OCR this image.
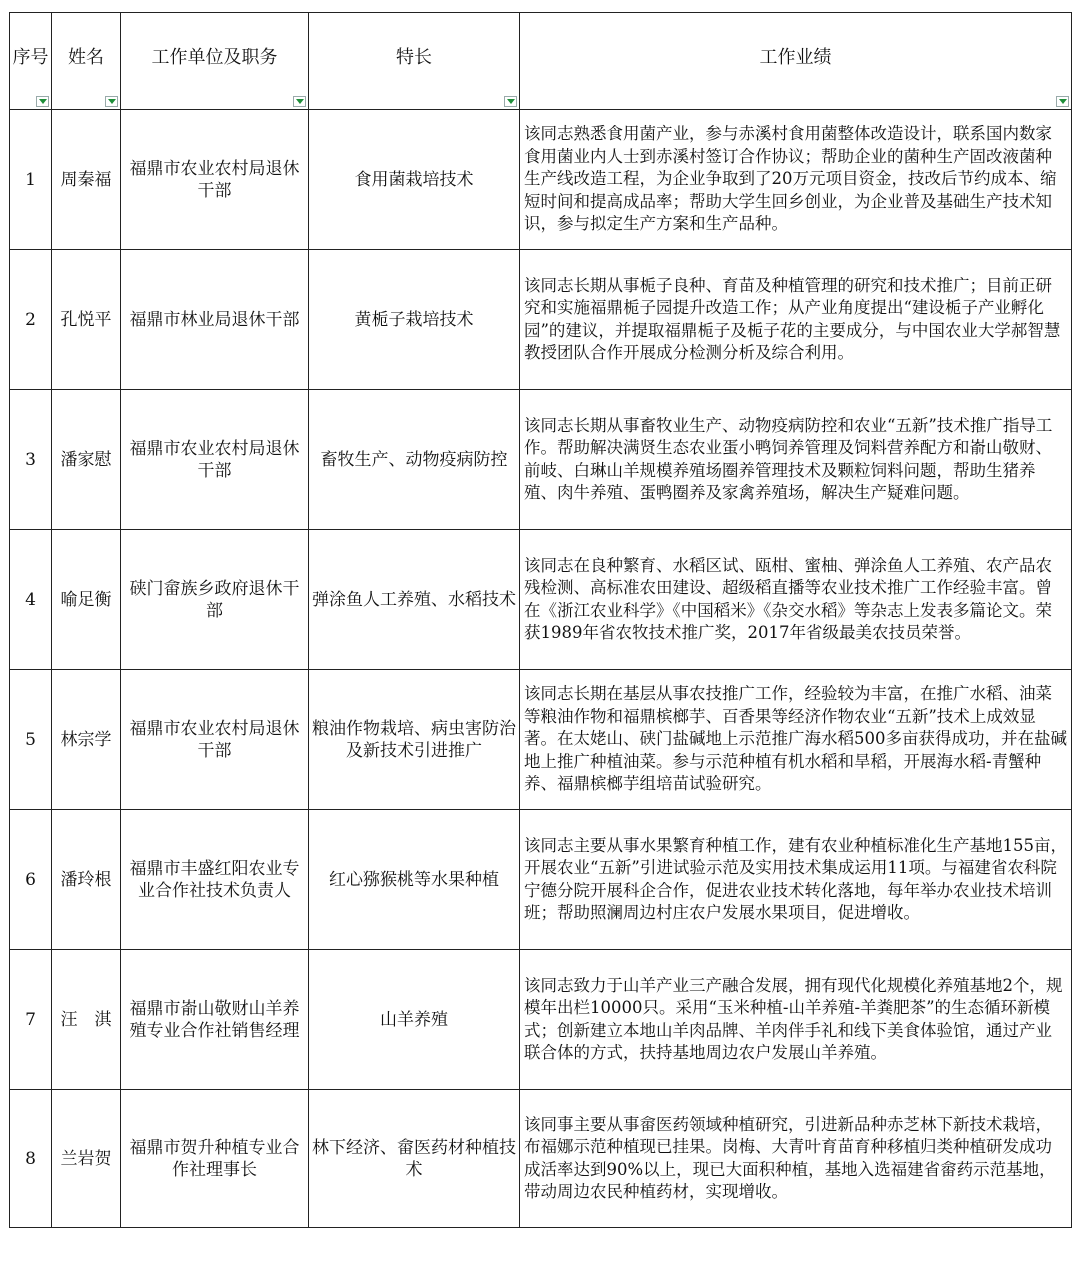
序号	姓名	工作单位及职务	特长	工作业绩

1	周秦福	福鼎市农业农村局退休干部	食用菌栽培技术	该同志熟悉食用菌产业，参与赤溪村食用菌整体改造设计，联系国内数家食用菌业内人士到赤溪村签订合作协议；帮助企业的菌种生产固改液菌种生产线改造工程，为企业争取到了20万元项目资金，技改后节约成本、缩短时间和提高成品率；帮助大学生回乡创业，为企业普及基础生产技术知识，参与拟定生产方案和生产品种。
2	孔悦平	福鼎市林业局退休干部	黄栀子栽培技术	该同志长期从事栀子良种、育苗及种植管理的研究和技术推广；目前正研究和实施福鼎栀子园提升改造工作；从产业角度提出“建设栀子产业孵化园”的建议，并提取福鼎栀子及栀子花的主要成分，与中国农业大学郝智慧教授团队合作开展成分检测分析及综合利用。
3	潘家慰	福鼎市农业农村局退休干部	畜牧生产、动物疫病防控	该同志长期从事畜牧业生产、动物疫病防控和农业“五新”技术推广指导工作。帮助解决满贤生态农业蛋小鸭饲养管理及饲料营养配方和嵛山敬财、前岐、白琳山羊规模养殖场圈养管理技术及颗粒饲料问题，帮助生猪养殖、肉牛养殖、蛋鸭圈养及家禽养殖场，解决生产疑难问题。
4	喻足衡	硖门畲族乡政府退休干部	弹涂鱼人工养殖、水稻技术	该同志在良种繁育、水稻区试、瓯柑、蜜柚、弹涂鱼人工养殖、农产品农残检测、高标准农田建设、超级稻直播等农业技术推广工作经验丰富。曾在《浙江农业科学》《中国稻米》《杂交水稻》等杂志上发表多篇论文。荣获1989年省农牧技术推广奖，2017年省级最美农技员荣誉。
5	林宗学	福鼎市农业农村局退休干部	粮油作物栽培、病虫害防治及新技术引进推广	该同志长期在基层从事农技推广工作，经验较为丰富，在推广水稻、油菜等粮油作物和福鼎槟榔芋、百香果等经济作物农业“五新”技术上成效显著。在太姥山、硖门盐碱地上示范推广海水稻500多亩获得成功，并在盐碱地上推广种植油菜。参与示范种植有机水稻和旱稻，开展海水稻-青蟹种养、福鼎槟榔芋组培苗试验研究。
6	潘玲根	福鼎市丰盛红阳农业专业合作社技术负责人	红心猕猴桃等水果种植	该同志主要从事水果繁育种植工作，建有农业种植标准化生产基地155亩，开展农业“五新”引进试验示范及实用技术集成运用11项。与福建省农科院宁德分院开展科企合作，促进农业技术转化落地，每年举办农业技术培训班；帮助照澜周边村庄农户发展水果项目，促进增收。
7	汪　淇	福鼎市嵛山敬财山羊养殖专业合作社销售经理	山羊养殖	该同志致力于山羊产业三产融合发展，拥有现代化规模化养殖基地2个，规模年出栏10000只。采用“玉米种植-山羊养殖-羊粪肥茶”的生态循环新模式；创新建立本地山羊肉品牌、羊肉伴手礼和线下美食体验馆，通过产业联合体的方式，扶持基地周边农户发展山羊养殖。
8	兰岩贺	福鼎市贺升种植专业合作社理事长	林下经济、畲医药材种植技术	该同事主要从事畲医药领域种植研究，引进新品种赤芝林下新技术栽培，布福娜示范种植现已挂果。岗梅、大青叶育苗育种移植归类种植研发成功成活率达到90%以上，现已大面积种植，基地入选福建省畲药示范基地，带动周边农民种植药材，实现增收。
